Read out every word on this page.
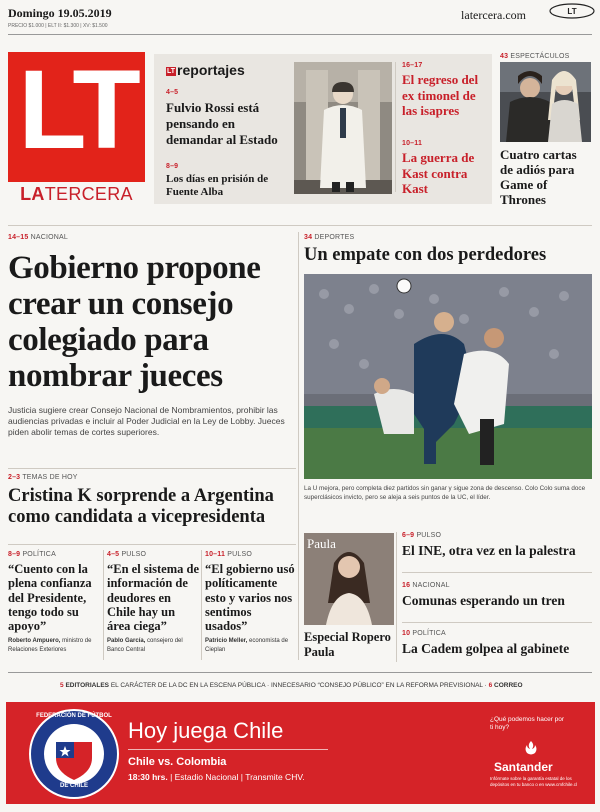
Domingo 19.05.2019
PRECIO $1.000 | ELT II: $1.300 | XV: $1.500
latercera.com	LT
LT
LATERCERA
LT reportajes
4–5
Fulvio Rossi está pensando en demandar al Estado
8–9
Los días en prisión de Fuente Alba
16–17
El regreso del ex timonel de las isapres
10–11
La guerra de Kast contra Kast
43 ESPECTÁCULOS
Cuatro cartas de adiós para Game of Thrones
14–15 NACIONAL
Gobierno propone crear un consejo colegiado para nombrar jueces
Justicia sugiere crear Consejo Nacional de Nombramientos, prohibir las audiencias privadas e incluir al Poder Judicial en la Ley de Lobby. Jueces piden abolir temas de cortes superiores.
34 DEPORTES
Un empate con dos perdedores
La U mejora, pero completa diez partidos sin ganar y sigue zona de descenso. Colo Colo suma doce superclásicos invicto, pero se aleja a seis puntos de la UC, el líder.
2–3 TEMAS DE HOY
Cristina K sorprende a Argentina como candidata a vicepresidenta
8–9 POLÍTICA
“Cuento con la plena confianza del Presidente, tengo todo su apoyo”
Roberto Ampuero, ministro de Relaciones Exteriores
4–5 PULSO
“En el sistema de información de deudores en Chile hay un área ciega”
Pablo García, consejero del Banco Central
10–11 PULSO
“El gobierno usó políticamente esto y varios nos sentimos usados”
Patricio Meller, economista de Cieplan
Paula
Especial Ropero Paula
6–9 PULSO
El INE, otra vez en la palestra
16 NACIONAL
Comunas esperando un tren
10 POLÍTICA
La Cadem golpea al gabinete
5 EDITORIALES EL CARÁCTER DE LA DC EN LA ESCENA PÚBLICA · INNECESARIO “CONSEJO PÚBLICO” EN LA REFORMA PREVISIONAL · 6 CORREO
FEDERACIÓN DE FÚTBOL
DE CHILE
Hoy juega Chile
Chile vs. Colombia
18:30 hrs. | Estadio Nacional | Transmite CHV.
¿Qué podemos hacer por ti hoy?
Santander
Infórmate sobre la garantía estatal de los depósitos en tu banco o en www.cmfchile.cl
